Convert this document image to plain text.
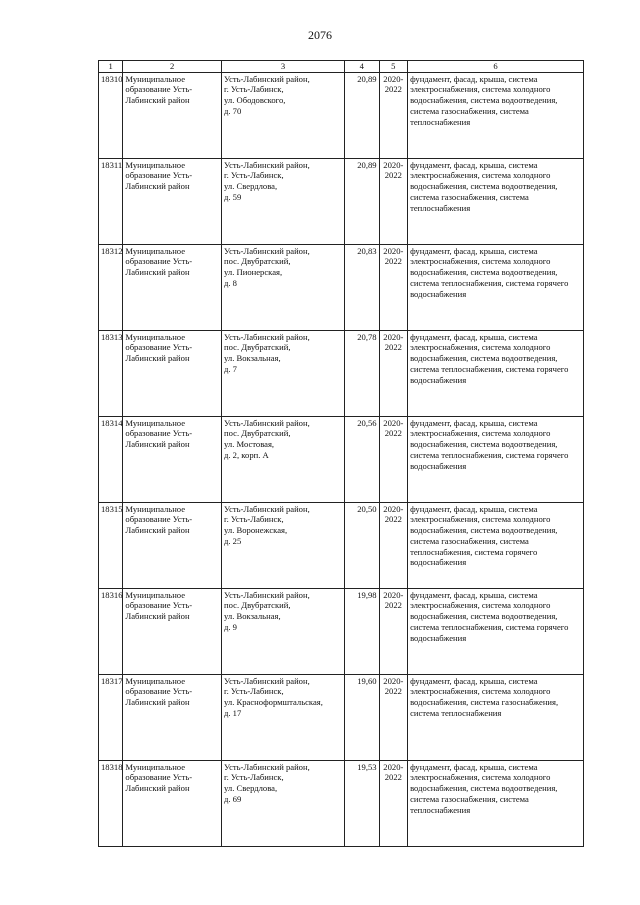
2076
1	2	3	4	5	6
18310	Муниципальное образование Усть-Лабинский район	Усть-Лабинский район,
г. Усть-Лабинск,
ул. Ободовского,
д. 70	20,89	2020-2022	фундамент, фасад, крыша, система электроснабжения, система холодного водоснабжения, система водоотведения, система газоснабжения, система теплоснабжения
18311	Муниципальное образование Усть-Лабинский район	Усть-Лабинский район,
г. Усть-Лабинск,
ул. Свердлова,
д. 59	20,89	2020-2022	фундамент, фасад, крыша, система электроснабжения, система холодного водоснабжения, система водоотведения, система газоснабжения, система теплоснабжения
18312	Муниципальное образование Усть-Лабинский район	Усть-Лабинский район,
пос. Двубратский,
ул. Пионерская,
д. 8	20,83	2020-2022	фундамент, фасад, крыша, система электроснабжения, система холодного водоснабжения, система водоотведения, система теплоснабжения, система горячего водоснабжения
18313	Муниципальное образование Усть-Лабинский район	Усть-Лабинский район,
пос. Двубратский,
ул. Вокзальная,
д. 7	20,78	2020-2022	фундамент, фасад, крыша, система электроснабжения, система холодного водоснабжения, система водоотведения, система теплоснабжения, система горячего водоснабжения
18314	Муниципальное образование Усть-Лабинский район	Усть-Лабинский район,
пос. Двубратский,
ул. Мостовая,
д. 2, корп. А	20,56	2020-2022	фундамент, фасад, крыша, система электроснабжения, система холодного водоснабжения, система водоотведения, система теплоснабжения, система горячего водоснабжения
18315	Муниципальное образование Усть-Лабинский район	Усть-Лабинский район,
г. Усть-Лабинск,
ул. Воронежская,
д. 25	20,50	2020-2022	фундамент, фасад, крыша, система электроснабжения, система холодного водоснабжения, система водоотведения, система газоснабжения, система теплоснабжения, система горячего водоснабжения
18316	Муниципальное образование Усть-Лабинский район	Усть-Лабинский район,
пос. Двубратский,
ул. Вокзальная,
д. 9	19,98	2020-2022	фундамент, фасад, крыша, система электроснабжения, система холодного водоснабжения, система водоотведения, система теплоснабжения, система горячего водоснабжения
18317	Муниципальное образование Усть-Лабинский район	Усть-Лабинский район,
г. Усть-Лабинск,
ул. Красноформштальская,
д. 17	19,60	2020-2022	фундамент, фасад, крыша, система электроснабжения, система холодного водоснабжения, система газоснабжения, система теплоснабжения
18318	Муниципальное образование Усть-Лабинский район	Усть-Лабинский район,
г. Усть-Лабинск,
ул. Свердлова,
д. 69	19,53	2020-2022	фундамент, фасад, крыша, система электроснабжения, система холодного водоснабжения, система водоотведения, система газоснабжения, система теплоснабжения
